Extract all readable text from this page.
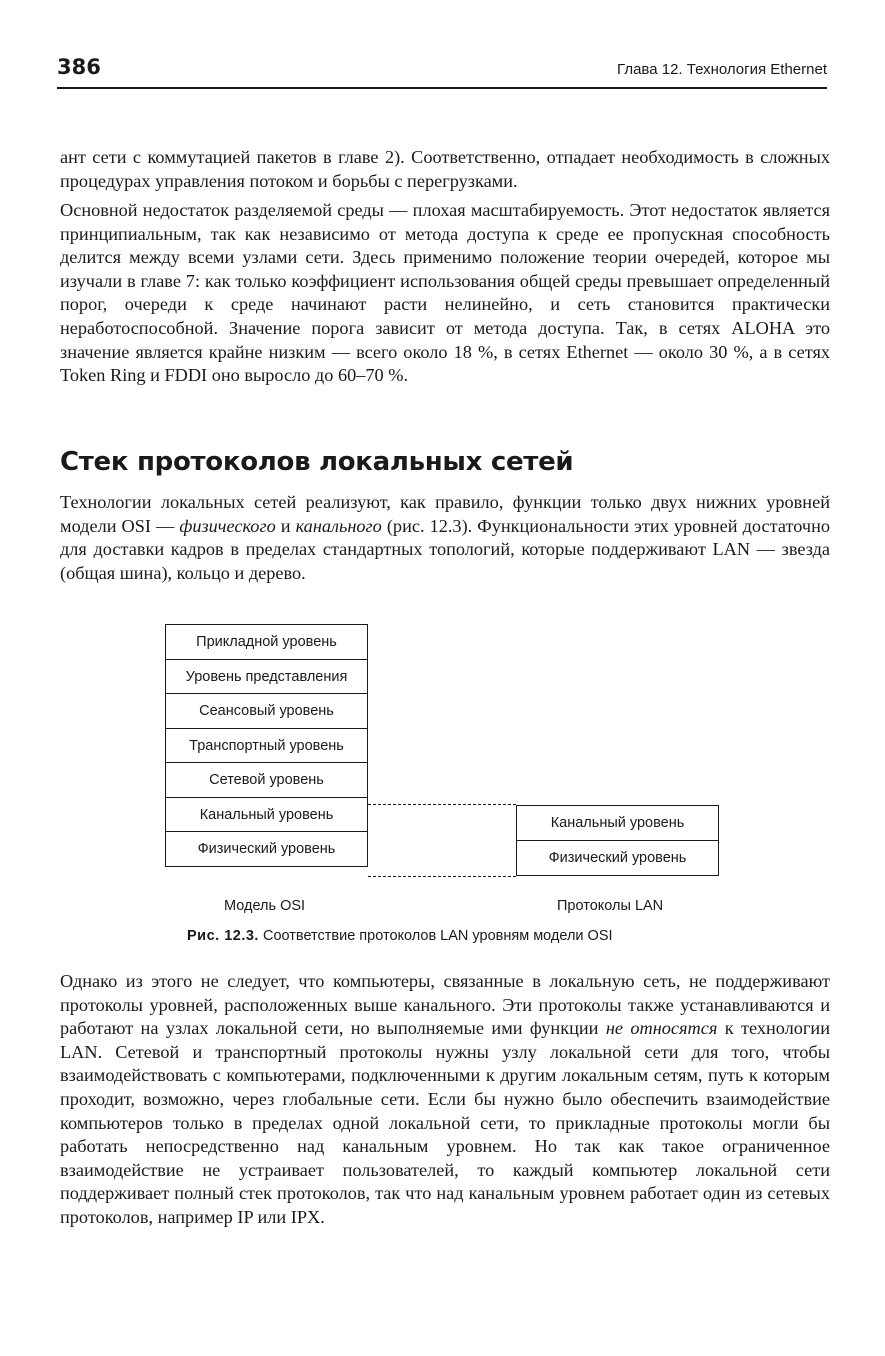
386	Глава 12. Технология Ethernet

ант сети с коммутацией пакетов в главе 2). Соответственно, отпадает необходимость в сложных процедурах управления потоком и борьбы с перегрузками.

Основной недостаток разделяемой среды — плохая масштабируемость. Этот недостаток является принципиальным, так как независимо от метода доступа к среде ее пропускная способность делится между всеми узлами сети. Здесь применимо положение теории очередей, которое мы изучали в главе 7: как только коэффициент использования общей среды превышает определенный порог, очереди к среде начинают расти нелинейно, и сеть становится практически неработоспособной. Значение порога зависит от метода доступа. Так, в сетях ALOHA это значение является крайне низким — всего около 18 %, в сетях Ethernet — около 30 %, а в сетях Token Ring и FDDI оно выросло до 60–70 %.

Стек протоколов локальных сетей

Технологии локальных сетей реализуют, как правило, функции только двух нижних уровней модели OSI — физического и канального (рис. 12.3). Функциональности этих уровней достаточно для доставки кадров в пределах стандартных топологий, которые поддерживают LAN — звезда (общая шина), кольцо и дерево.

Прикладной уровень
Уровень представления
Сеансовый уровень
Транспортный уровень
Сетевой уровень
Канальный уровень
Физический уровень
Канальный уровень
Физический уровень
Модель OSI	Протоколы LAN
Рис. 12.3. Соответствие протоколов LAN уровням модели OSI

Однако из этого не следует, что компьютеры, связанные в локальную сеть, не поддерживают протоколы уровней, расположенных выше канального. Эти протоколы также устанавливаются и работают на узлах локальной сети, но выполняемые ими функции не относятся к технологии LAN. Сетевой и транспортный протоколы нужны узлу локальной сети для того, чтобы взаимодействовать с компьютерами, подключенными к другим локальным сетям, путь к которым проходит, возможно, через глобальные сети. Если бы нужно было обеспечить взаимодействие компьютеров только в пределах одной локальной сети, то прикладные протоколы могли бы работать непосредственно над канальным уровнем. Но так как такое ограниченное взаимодействие не устраивает пользователей, то каждый компьютер локальной сети поддерживает полный стек протоколов, так что над канальным уровнем работает один из сетевых протоколов, например IP или IPX.
